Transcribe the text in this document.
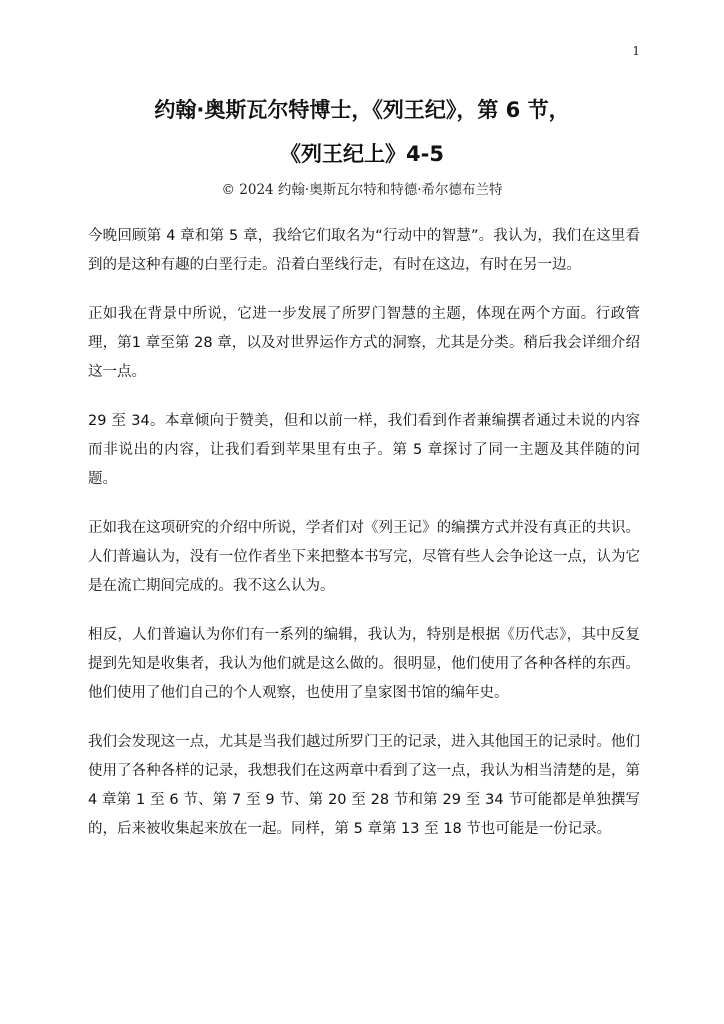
1
约翰·奥斯瓦尔特博士，《列王纪》，第 6 节，
《列王纪上》4-5
© 2024 约翰·奥斯瓦尔特和特德·希尔德布兰特

今晚回顾第 4 章和第 5 章，我给它们取名为“行动中的智慧”。我认为，我们在这里看到的是这种有趣的白垩行走。沿着白垩线行走，有时在这边，有时在另一边。

正如我在背景中所说，它进一步发展了所罗门智慧的主题，体现在两个方面。行政管理，第1 章至第 28 章，以及对世界运作方式的洞察，尤其是分类。稍后我会详细介绍这一点。

29 至 34。本章倾向于赞美，但和以前一样，我们看到作者兼编撰者通过未说的内容而非说出的内容，让我们看到苹果里有虫子。第 5 章探讨了同一主题及其伴随的问题。

正如我在这项研究的介绍中所说，学者们对《列王记》的编撰方式并没有真正的共识。人们普遍认为，没有一位作者坐下来把整本书写完，尽管有些人会争论这一点，认为它是在流亡期间完成的。我不这么认为。

相反，人们普遍认为你们有一系列的编辑，我认为，特别是根据《历代志》，其中反复提到先知是收集者，我认为他们就是这么做的。很明显，他们使用了各种各样的东西。他们使用了他们自己的个人观察，也使用了皇家图书馆的编年史。

我们会发现这一点，尤其是当我们越过所罗门王的记录，进入其他国王的记录时。他们使用了各种各样的记录，我想我们在这两章中看到了这一点，我认为相当清楚的是，第 4 章第 1 至 6 节、第 7 至 9 节、第 20 至 28 节和第 29 至 34 节可能都是单独撰写的，后来被收集起来放在一起。同样，第 5 章第 13 至 18 节也可能是一份记录。
